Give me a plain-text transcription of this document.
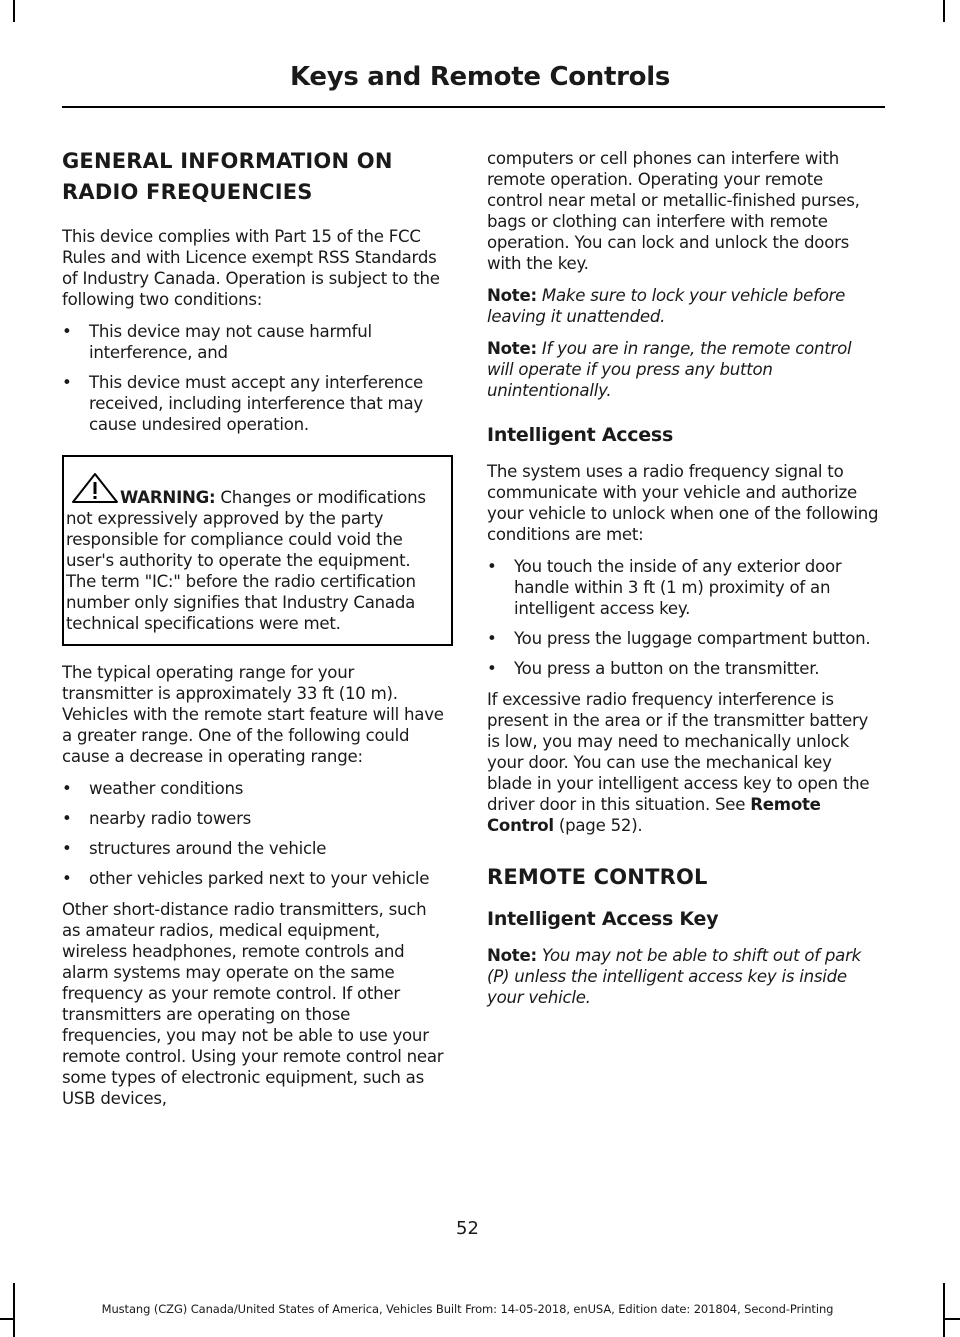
Keys and Remote Controls
GENERAL INFORMATION ON RADIO FREQUENCIES

This device complies with Part 15 of the FCC Rules and with Licence exempt RSS Standards of Industry Canada. Operation is subject to the following two conditions:

• This device may not cause harmful interference, and
• This device must accept any interference received, including interference that may cause undesired operation.
WARNING: Changes or modifications not expressively approved by the party responsible for compliance could void the user's authority to operate the equipment. The term "IC:" before the radio certification number only signifies that Industry Canada technical specifications were met.

The typical operating range for your transmitter is approximately 33 ft (10 m). Vehicles with the remote start feature will have a greater range. One of the following could cause a decrease in operating range:

• weather conditions
• nearby radio towers
• structures around the vehicle
• other vehicles parked next to your vehicle

Other short-distance radio transmitters, such as amateur radios, medical equipment, wireless headphones, remote controls and alarm systems may operate on the same frequency as your remote control. If other transmitters are operating on those frequencies, you may not be able to use your remote control. Using your remote control near some types of electronic equipment, such as USB devices,

computers or cell phones can interfere with remote operation. Operating your remote control near metal or metallic-finished purses, bags or clothing can interfere with remote operation. You can lock and unlock the doors with the key.

Note: Make sure to lock your vehicle before leaving it unattended.

Note: If you are in range, the remote control will operate if you press any button unintentionally.

Intelligent Access

The system uses a radio frequency signal to communicate with your vehicle and authorize your vehicle to unlock when one of the following conditions are met:

• You touch the inside of any exterior door handle within 3 ft (1 m) proximity of an intelligent access key.
• You press the luggage compartment button.
• You press a button on the transmitter.

If excessive radio frequency interference is present in the area or if the transmitter battery is low, you may need to mechanically unlock your door. You can use the mechanical key blade in your intelligent access key to open the driver door in this situation. See Remote Control (page 52).

REMOTE CONTROL
Intelligent Access Key

Note: You may not be able to shift out of park (P) unless the intelligent access key is inside your vehicle.

52
Mustang (CZG) Canada/United States of America, Vehicles Built From: 14-05-2018, enUSA, Edition date: 201804, Second-Printing
